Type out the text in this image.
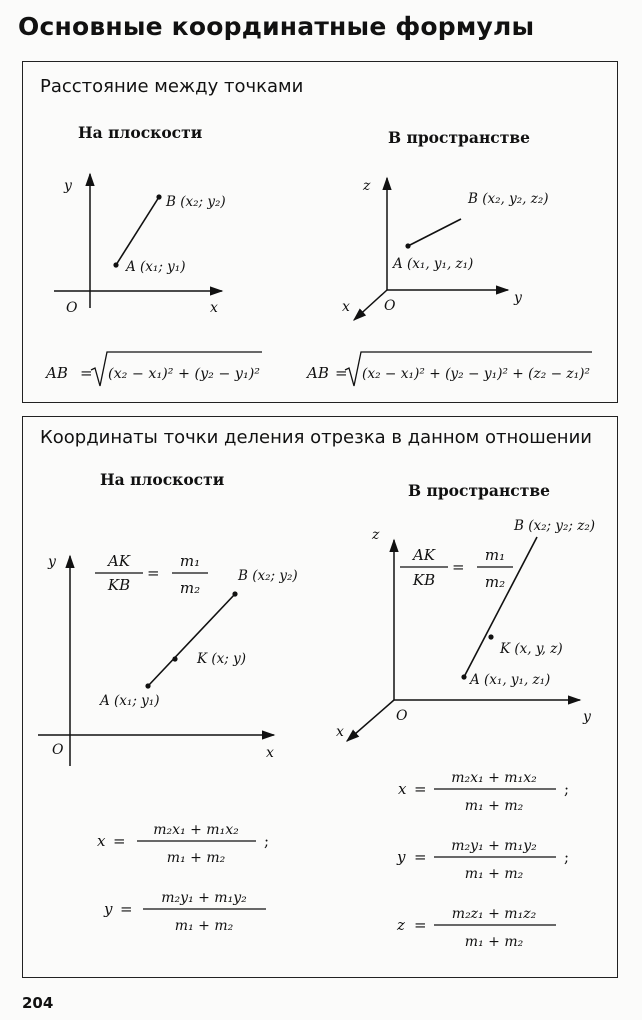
Основные координатные формулы
Расстояние между точками
На плоскости	В пространстве
Координаты точки деления отрезка в данном отношении
На плоскости
В пространстве
y
x
O
A (x₁; y₁)
B (x₂; y₂)
AB = (x₂ − x₁)² + (y₂ − y₁)²
z
y
x O
A (x₁, y₁, z₁)
B (x₂, y₂, z₂)
AB = (x₂ − x₁)² + (y₂ − y₁)² + (z₂ − z₁)²
y
x
O
A (x₁; y₁)
K (x; y)
B (x₂; y₂)
AK
KB
=
m₁
m₂
x =
m₂x₁ + m₁x₂
m₁ + m₂
;
y =
m₂y₁ + m₁y₂
m₁ + m₂
z
y
x
O
A (x₁, y₁, z₁)
K (x, y, z)
B (x₂; y₂; z₂)
AK
KB
=
m₁
m₂
x =
m₂x₁ + m₁x₂
m₁ + m₂
;
y =
m₂y₁ + m₁y₂
m₁ + m₂
;
z =
m₂z₁ + m₁z₂
m₁ + m₂
204
